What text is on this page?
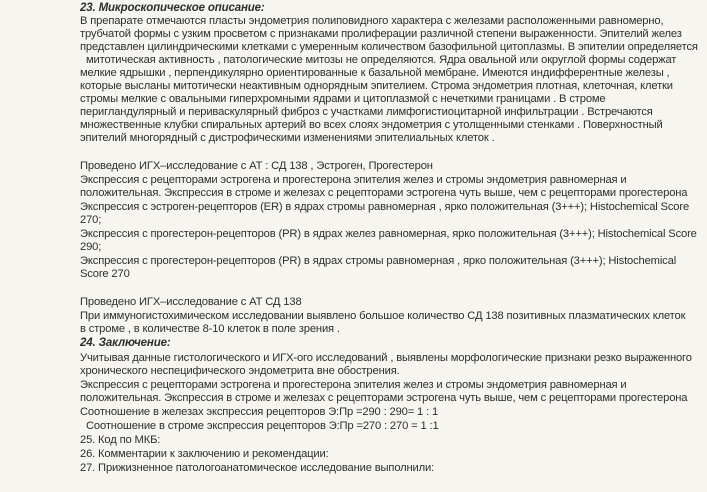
23. Микроскопическое описание:
В препарате отмечаются пласты эндометрия полиповидного характера с железами расположенными равномерно,
трубчатой формы с узким просветом с признаками пролиферации различной степени выраженности. Эпителий желез
представлен цилиндрическими клетками с умеренным количеством базофильной цитоплазмы. В эпителии определяется
митотическая активность , патологические митозы не определяются. Ядра овальной или округлой формы содержат
мелкие ядрышки , перпендикулярно ориентированные к базальной мембране. Имеются индифферентные железы ,
которые выcланы митотически неактивным однорядным эпителием. Строма эндометрия плотная, клеточная, клетки
стромы мелкие с овальными гиперхромными ядрами и цитоплазмой с нечеткими границами . В строме
перигландулярный и периваскулярный фиброз с участками лимфогистиоцитарной инфильтрации . Встречаются
множественные клубки спиральных артерий во всех слоях эндометрия с утолщенными стенками . Поверхностный
эпителий многорядный с дистрофическими изменениями эпителиальных клеток .
Проведено ИГХ–исследование с АТ : СД 138 , Эстроген, Прогестерон
Экспрессия с рецепторами эстрогена и прогестерона эпителия желез и стромы эндометрия равномерная и
положительная. Экспрессия в строме и железах с рецепторами эстрогена чуть выше, чем с рецепторами прогестерона
Экспрессия с эстроген-рецепторов (ER) в ядрах стромы равномерная , ярко положительная (3+++); Histochemical Score
270;
Экспрессия с прогестерон-рецепторов (PR) в ядрах желез равномерная, ярко положительная (3+++); Histochemical Score
290;
Экспрессия с прогестерон-рецепторов (PR) в ядрах стромы равномерная , ярко положительная (3+++); Histochemical
Score 270
Проведено ИГХ–исследование с АТ СД 138
При иммуногистохимическом исследовании выявлено большое количество СД 138 позитивных плазматических клеток
в строме , в количестве 8-10 клеток в поле зрения .
24. Заключение:
Учитывая данные гистологического и ИГХ-ого исследований , выявлены морфологические признаки резко выраженного
хронического неспецифического эндометрита вне обострения.
Экспрессия с рецепторами эстрогена и прогестерона эпителия желез и стромы эндометрия равномерная и
положительная. Экспрессия в строме и железах с рецепторами эстрогена чуть выше, чем с рецепторами прогестерона
Соотношение в железах экспрессия рецепторов Э:Пр =290 : 290= 1 : 1
Соотношение в строме экспрессия рецепторов Э:Пр =270 : 270 = 1 :1
25. Код по МКБ:
26. Комментарии к заключению и рекомендации:
27. Прижизненное патологоанатомическое исследование выполнили:
